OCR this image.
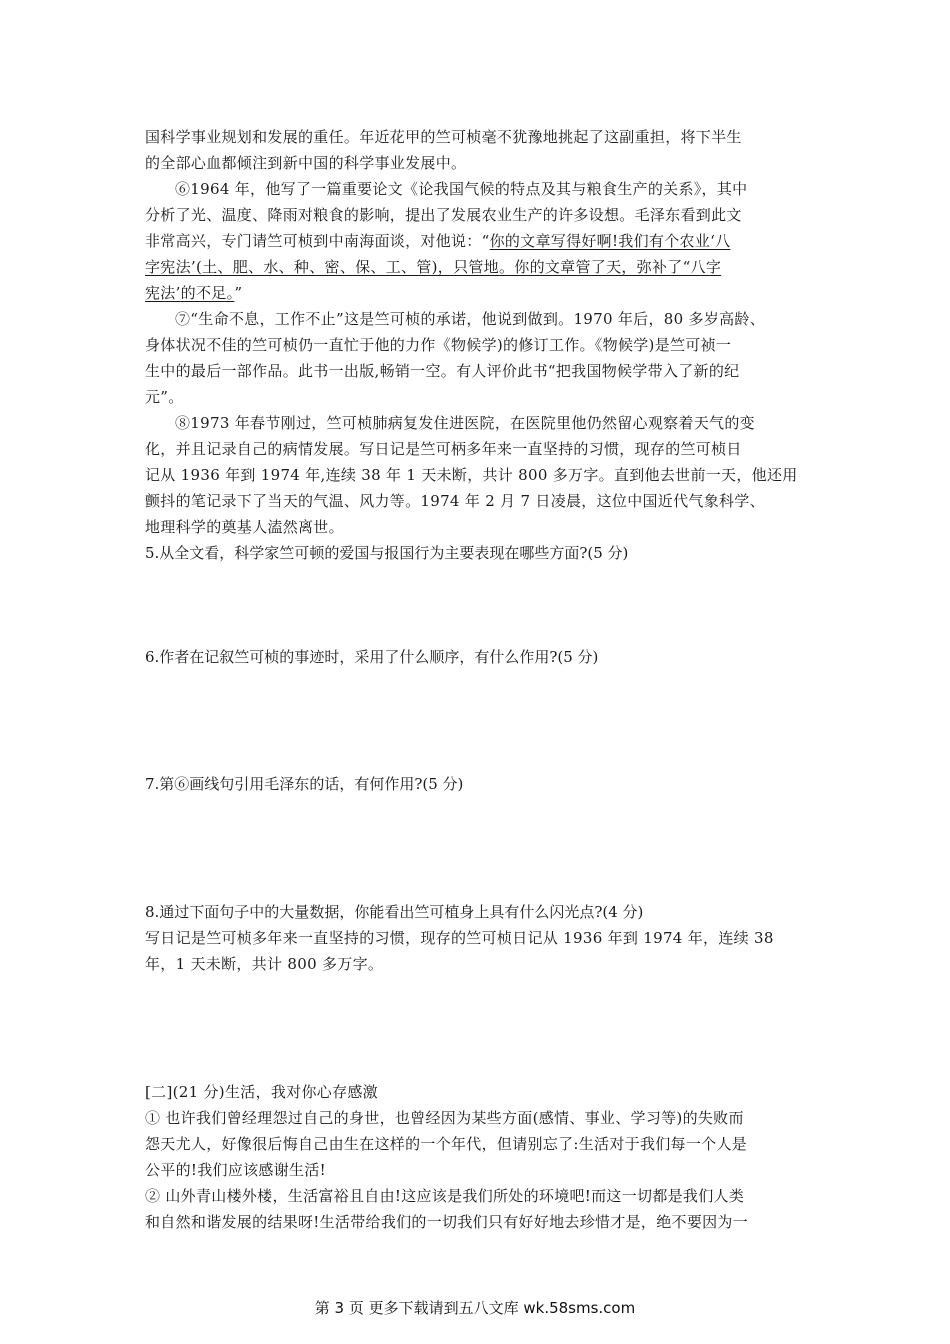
国科学事业规划和发展的重任。年近花甲的竺可桢毫不犹豫地挑起了这副重担，将下半生
的全部心血都倾注到新中国的科学事业发展中。
⑥1964 年，他写了一篇重要论文《论我国气候的特点及其与粮食生产的关系》，其中
分析了光、温度、降雨对粮食的影响，提出了发展农业生产的许多设想。毛泽东看到此文
非常高兴，专门请竺可桢到中南海面谈，对他说：“你的文章写得好啊!我们有个农业‘八
字宪法’(土、肥、水、种、密、保、工、管)，只管地。你的文章管了天，弥补了“八字
宪法’的不足。”
⑦“生命不息，工作不止”这是竺可桢的承诺，他说到做到。1970 年后，80 多岁高龄、
身体状况不佳的竺可桢仍一直忙于他的力作《物候学)的修订工作。《物候学)是竺可祯一
生中的最后一部作品。此书一出版,畅销一空。有人评价此书“把我国物候学带入了新的纪
元”。
⑧1973 年春节刚过，竺可桢肺病复发住进医院，在医院里他仍然留心观察着天气的变
化，并且记录自己的病情发展。写日记是竺可柄多年来一直坚持的习惯，现存的竺可桢日
记从 1936 年到 1974 年,连续 38 年 1 天未断，共计 800 多万字。直到他去世前一天，他还用
颤抖的笔记录下了当天的气温、风力等。1974 年 2 月 7 日凌晨，这位中国近代气象科学、
地理科学的奠基人溘然离世。
5.从全文看，科学家竺可顿的爱国与报国行为主要表现在哪些方面?(5 分)
6.作者在记叙竺可桢的事迹时，采用了什么顺序，有什么作用?(5 分)
7.第⑥画线句引用毛泽东的话，有何作用?(5 分)
8.通过下面句子中的大量数据，你能看出竺可植身上具有什么闪光点?(4 分)
写日记是竺可桢多年来一直坚持的习惯，现存的竺可桢日记从 1936 年到 1974 年，连续 38
年，1 天未断，共计 800 多万字。
[二](21 分)生活，我对你心存感激
① 也许我们曾经理怨过自己的身世，也曾经因为某些方面(感情、事业、学习等)的失败而
怨天尤人，好像很后悔自己由生在这样的一个年代，但请别忘了:生活对于我们每一个人是
公平的!我们应该感谢生活!
② 山外青山楼外楼，生活富裕且自由!这应该是我们所处的环境吧!而这一切都是我们人类
和自然和谐发展的结果呀!生活带给我们的一切我们只有好好地去珍惜才是，绝不要因为一
第 3 页 更多下载请到五八文库 wk.58sms.com
